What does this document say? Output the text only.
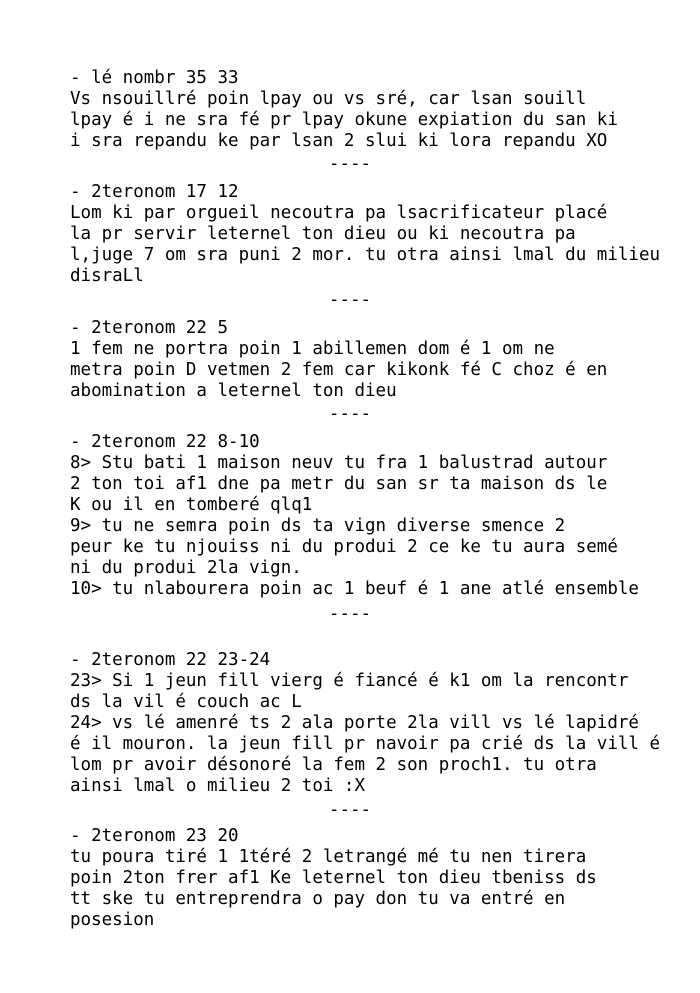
- lé nombr 35 33
Vs nsouillré poin lpay ou vs sré, car lsan souill
lpay é i ne sra fé pr lpay okune expiation du san ki
i sra repandu ke par lsan 2 slui ki lora repandu XO
----
- 2teronom 17 12
Lom ki par orgueil necoutra pa lsacrificateur placé
la pr servir leternel ton dieu ou ki necoutra pa
l,juge 7 om sra puni 2 mor. tu otra ainsi lmal du milieu
disraLl
----
- 2teronom 22 5
1 fem ne portra poin 1 abillemen dom é 1 om ne
metra poin D vetmen 2 fem car kikonk fé C choz é en
abomination a leternel ton dieu
----
- 2teronom 22 8-10
8> Stu bati 1 maison neuv tu fra 1 balustrad autour
2 ton toi af1 dne pa metr du san sr ta maison ds le
K ou il en tomberé qlq1
9> tu ne semra poin ds ta vign diverse smence 2
peur ke tu njouiss ni du produi 2 ce ke tu aura semé
ni du produi 2la vign.
10> tu nlabourera poin ac 1 beuf é 1 ane atlé ensemble
----
- 2teronom 22 23-24
23> Si 1 jeun fill vierg é fiancé é k1 om la rencontr
ds la vil é couch ac L
24> vs lé amenré ts 2 ala porte 2la vill vs lé lapidré
é il mouron. la jeun fill pr navoir pa crié ds la vill é
lom pr avoir désonoré la fem 2 son proch1. tu otra
ainsi lmal o milieu 2 toi :X
----
- 2teronom 23 20
tu poura tiré 1 1téré 2 letrangé mé tu nen tirera
poin 2ton frer af1 Ke leternel ton dieu tbeniss ds
tt ske tu entreprendra o pay don tu va entré en
posesion
